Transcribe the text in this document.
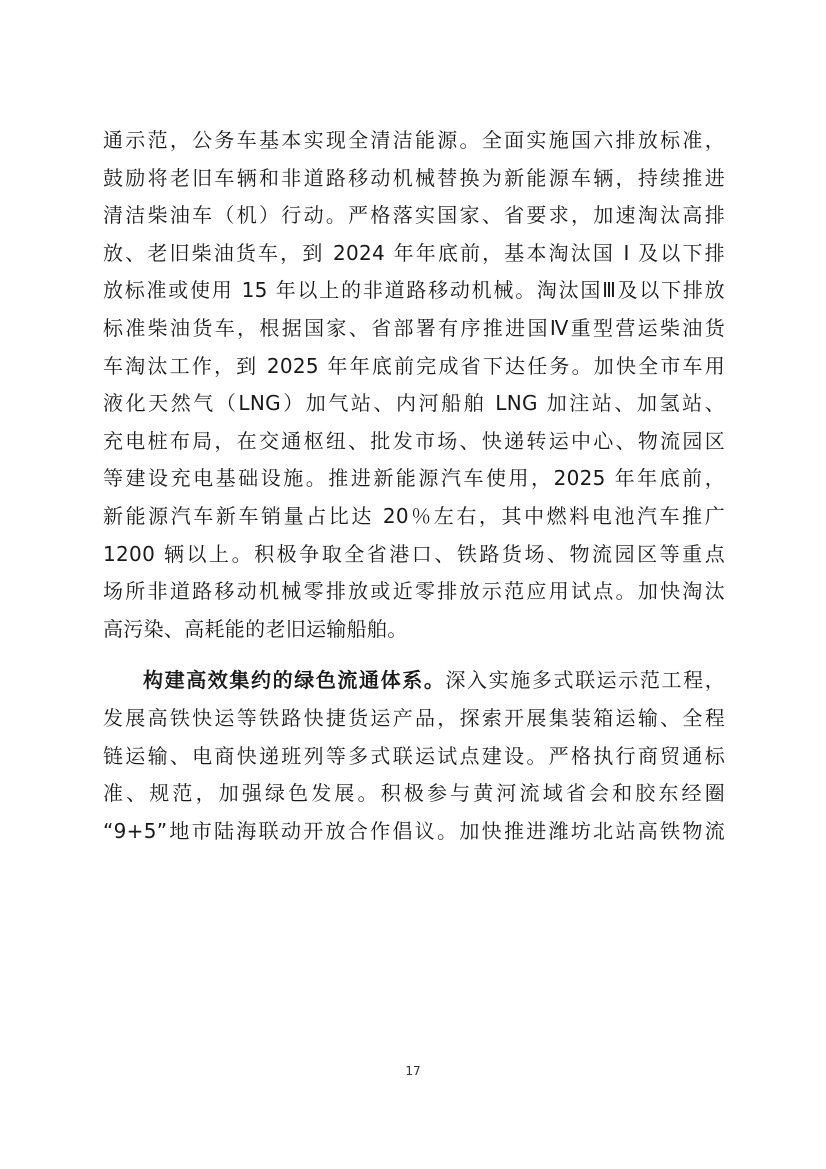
通示范，公务车基本实现全清洁能源。全面实施国六排放标准，
鼓励将老旧车辆和非道路移动机械替换为新能源车辆，持续推进
清洁柴油车（机）行动。严格落实国家、省要求，加速淘汰高排
放、老旧柴油货车，到 2024 年年底前，基本淘汰国 I 及以下排
放标准或使用 15 年以上的非道路移动机械。淘汰国Ⅲ及以下排放
标准柴油货车，根据国家、省部署有序推进国Ⅳ重型营运柴油货
车淘汰工作，到 2025 年年底前完成省下达任务。加快全市车用
液化天然气（LNG）加气站、内河船舶 LNG 加注站、加氢站、
充电桩布局，在交通枢纽、批发市场、快递转运中心、物流园区
等建设充电基础设施。推进新能源汽车使用，2025 年年底前，
新能源汽车新车销量占比达 20％左右，其中燃料电池汽车推广
1200 辆以上。积极争取全省港口、铁路货场、物流园区等重点
场所非道路移动机械零排放或近零排放示范应用试点。加快淘汰
高污染、高耗能的老旧运输船舶。
构建高效集约的绿色流通体系。深入实施多式联运示范工程，
发展高铁快运等铁路快捷货运产品，探索开展集装箱运输、全程
链运输、电商快递班列等多式联运试点建设。严格执行商贸通标
准、规范，加强绿色发展。积极参与黄河流域省会和胶东经圈
“9+5”地市陆海联动开放合作倡议。加快推进潍坊北站高铁物流
17
